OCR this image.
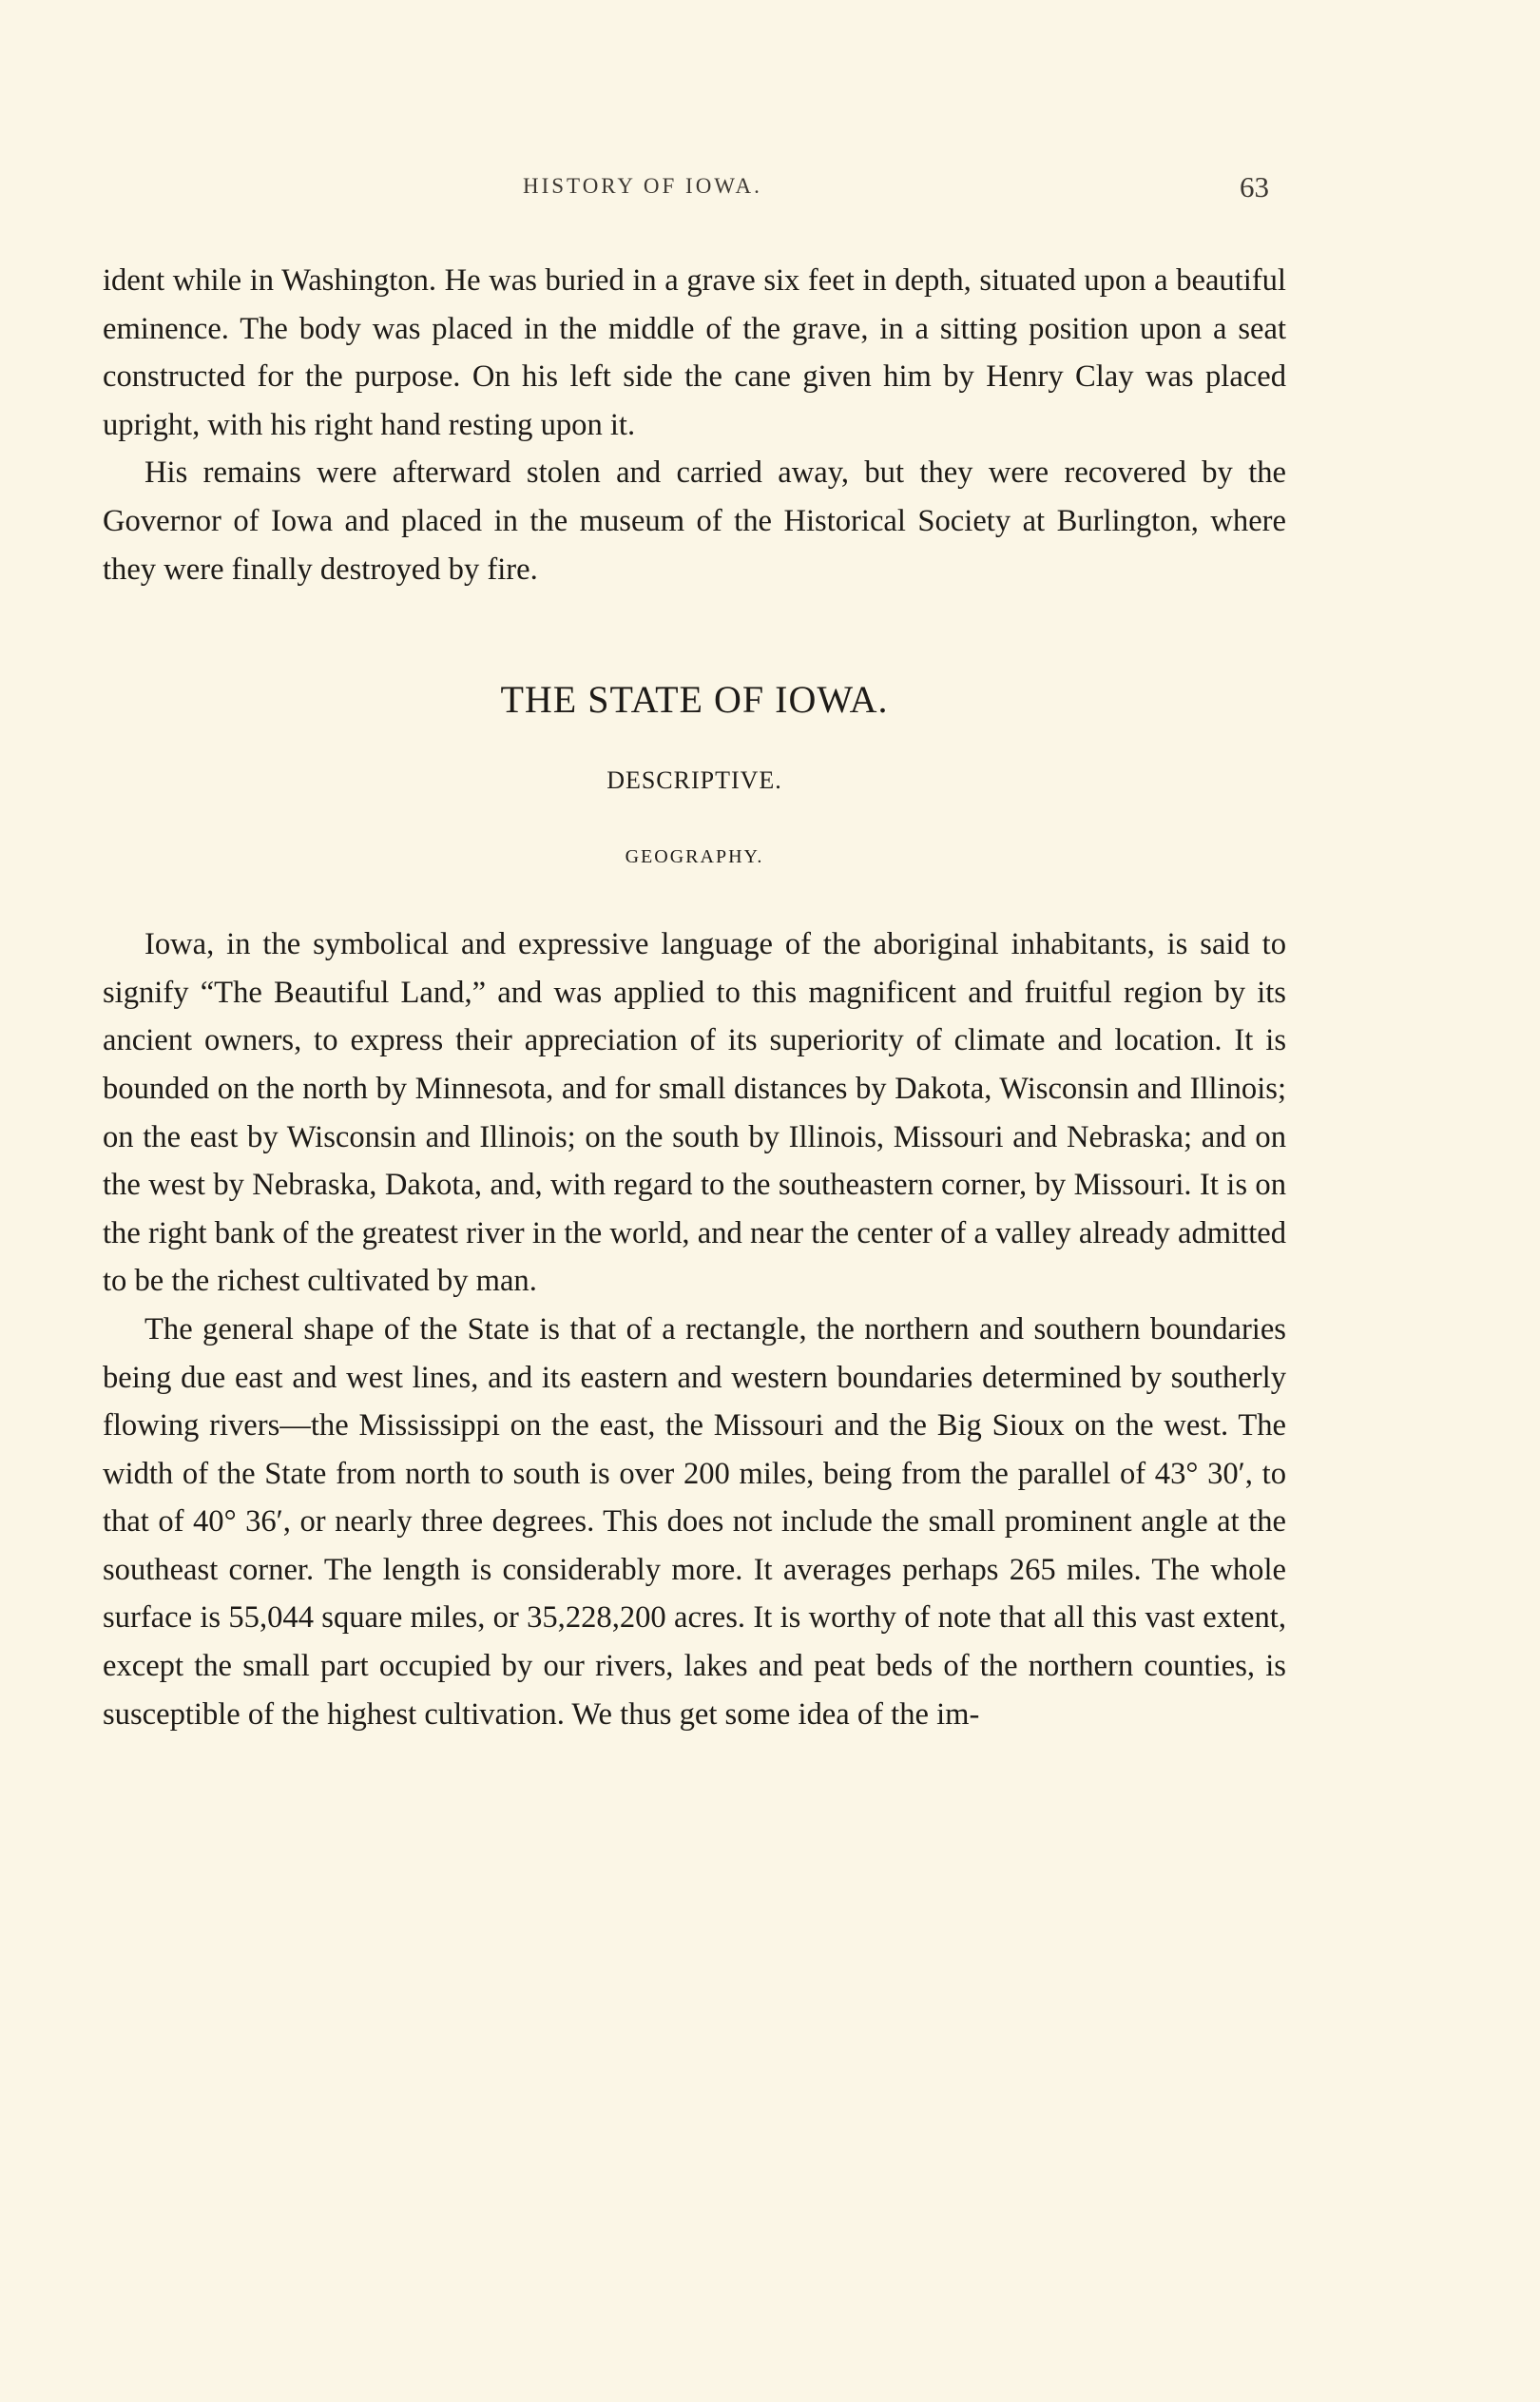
HISTORY OF IOWA.	63

ident while in Washington. He was buried in a grave six feet in depth, situated upon a beautiful eminence. The body was placed in the middle of the grave, in a sitting position upon a seat constructed for the purpose. On his left side the cane given him by Henry Clay was placed upright, with his right hand resting upon it.

His remains were afterward stolen and carried away, but they were recovered by the Governor of Iowa and placed in the museum of the Historical Society at Burlington, where they were finally destroyed by fire.

THE STATE OF IOWA.
DESCRIPTIVE.
GEOGRAPHY.

Iowa, in the symbolical and expressive language of the aboriginal inhabitants, is said to signify “The Beautiful Land,” and was applied to this magnificent and fruitful region by its ancient owners, to express their appreciation of its superiority of climate and location. It is bounded on the north by Minnesota, and for small distances by Dakota, Wisconsin and Illinois; on the east by Wisconsin and Illinois; on the south by Illinois, Missouri and Nebraska; and on the west by Nebraska, Dakota, and, with regard to the southeastern corner, by Missouri. It is on the right bank of the greatest river in the world, and near the center of a valley already admitted to be the richest cultivated by man.

The general shape of the State is that of a rectangle, the northern and southern boundaries being due east and west lines, and its eastern and western boundaries determined by southerly flowing rivers—the Mississippi on the east, the Missouri and the Big Sioux on the west. The width of the State from north to south is over 200 miles, being from the parallel of 43° 30′, to that of 40° 36′, or nearly three degrees. This does not include the small prominent angle at the southeast corner. The length is considerably more. It averages perhaps 265 miles. The whole surface is 55,044 square miles, or 35,228,200 acres. It is worthy of note that all this vast extent, except the small part occupied by our rivers, lakes and peat beds of the northern counties, is susceptible of the highest cultivation. We thus get some idea of the im-
